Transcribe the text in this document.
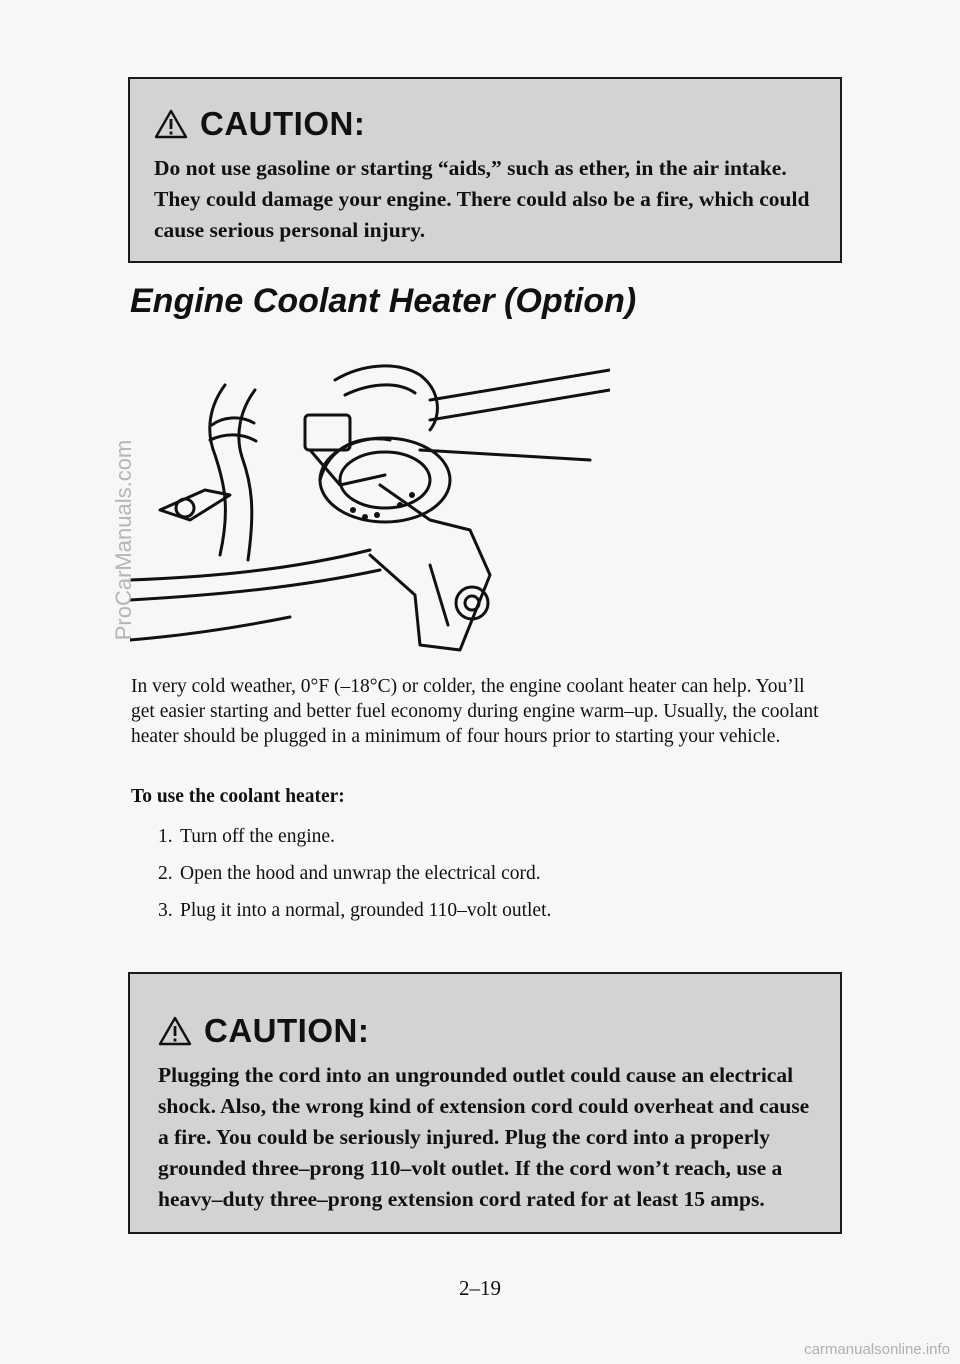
CAUTION:

Do not use gasoline or starting “aids,” such as ether, in the air intake. They could damage your engine. There could also be a fire, which could cause serious personal injury.

Engine Coolant Heater (Option)

In very cold weather, 0°F (–18°C) or colder, the engine coolant heater can help. You’ll get easier starting and better fuel economy during engine warm–up. Usually, the coolant heater should be plugged in a minimum of four hours prior to starting your vehicle.

To use the coolant heater:

1. Turn off the engine.
2. Open the hood and unwrap the electrical cord.
3. Plug it into a normal, grounded 110–volt outlet.
CAUTION:

Plugging the cord into an ungrounded outlet could cause an electrical shock. Also, the wrong kind of extension cord could overheat and cause a fire. You could be seriously injured. Plug the cord into a properly grounded three–prong 110–volt outlet. If the cord won’t reach, use a heavy–duty three–prong extension cord rated for at least 15 amps.

2–19
ProCarManuals.com
carmanualsonline.info
